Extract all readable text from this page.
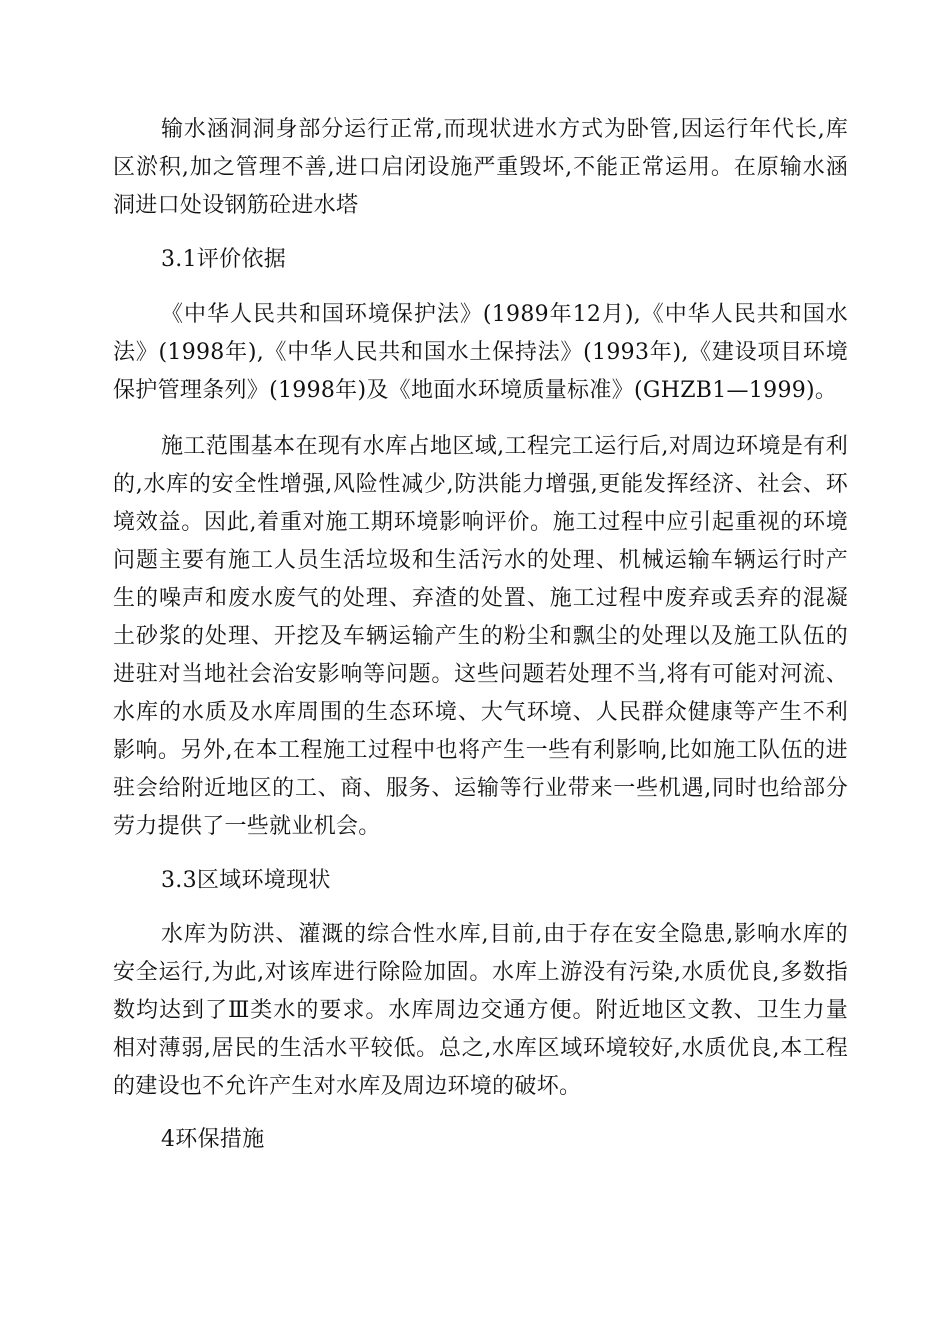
输水涵洞洞身部分运行正常,而现状进水方式为卧管,因运行年代长,库区淤积,加之管理不善,进口启闭设施严重毁坏,不能正常运用。在原输水涵洞进口处设钢筋砼进水塔

3.1评价依据

《中华人民共和国环境保护法》(1989年12月),《中华人民共和国水法》(1998年),《中华人民共和国水土保持法》(1993年),《建设项目环境保护管理条列》(1998年)及《地面水环境质量标准》(GHZB1—1999)。

施工范围基本在现有水库占地区域,工程完工运行后,对周边环境是有利的,水库的安全性增强,风险性减少,防洪能力增强,更能发挥经济、社会、环境效益。因此,着重对施工期环境影响评价。施工过程中应引起重视的环境问题主要有施工人员生活垃圾和生活污水的处理、机械运输车辆运行时产生的噪声和废水废气的处理、弃渣的处置、施工过程中废弃或丢弃的混凝土砂浆的处理、开挖及车辆运输产生的粉尘和飘尘的处理以及施工队伍的进驻对当地社会治安影响等问题。这些问题若处理不当,将有可能对河流、水库的水质及水库周围的生态环境、大气环境、人民群众健康等产生不利影响。另外,在本工程施工过程中也将产生一些有利影响,比如施工队伍的进驻会给附近地区的工、商、服务、运输等行业带来一些机遇,同时也给部分劳力提供了一些就业机会。

3.3区域环境现状

水库为防洪、灌溉的综合性水库,目前,由于存在安全隐患,影响水库的安全运行,为此,对该库进行除险加固。水库上游没有污染,水质优良,多数指数均达到了Ⅲ类水的要求。水库周边交通方便。附近地区文教、卫生力量相对薄弱,居民的生活水平较低。总之,水库区域环境较好,水质优良,本工程的建设也不允许产生对水库及周边环境的破坏。

4环保措施
